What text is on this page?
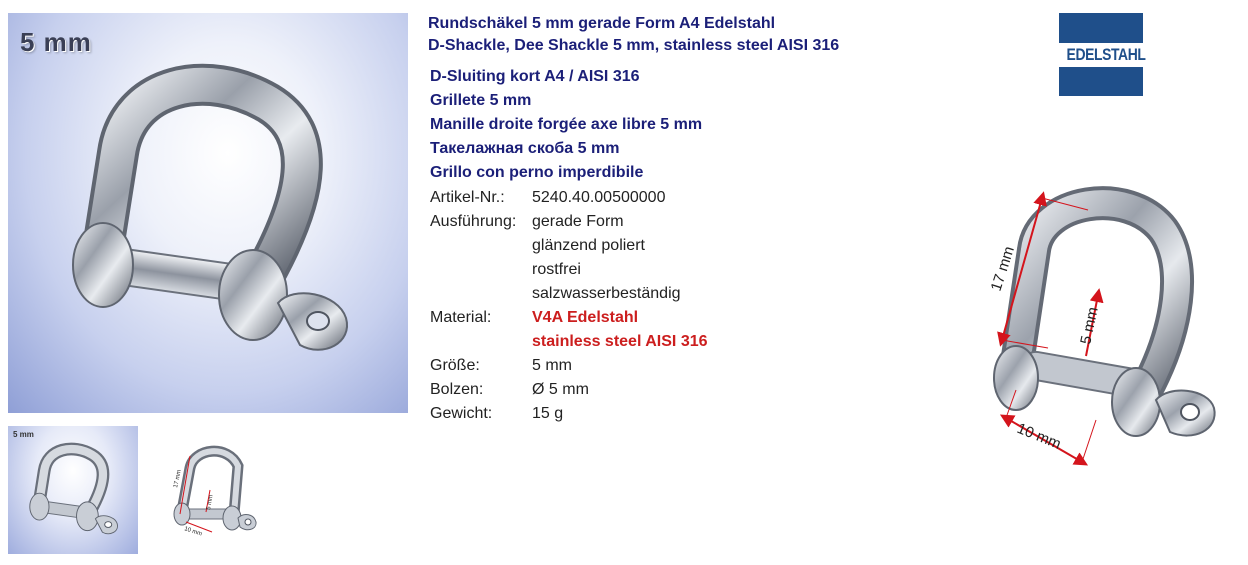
5 mm
5 mm
17 mm
5 mm
10 mm
Rundschäkel 5 mm gerade Form A4 Edelstahl
D-Shackle, Dee Shackle 5 mm, stainless steel AISI 316
D-Sluiting kort A4 / AISI 316
Grillete 5 mm
Manille droite forgée axe libre 5 mm
Такелажная скоба 5 mm
Grillo con perno imperdibile
Artikel-Nr.:	5240.40.00500000
Ausführung: gerade Form
glänzend poliert
rostfrei
salzwasserbeständig
Material:	V4A Edelstahl
stainless steel AISI 316
Größe:	5 mm
Bolzen:	Ø 5 mm
Gewicht:	15 g
EDELSTAHL
17 mm
5 mm
10 mm
